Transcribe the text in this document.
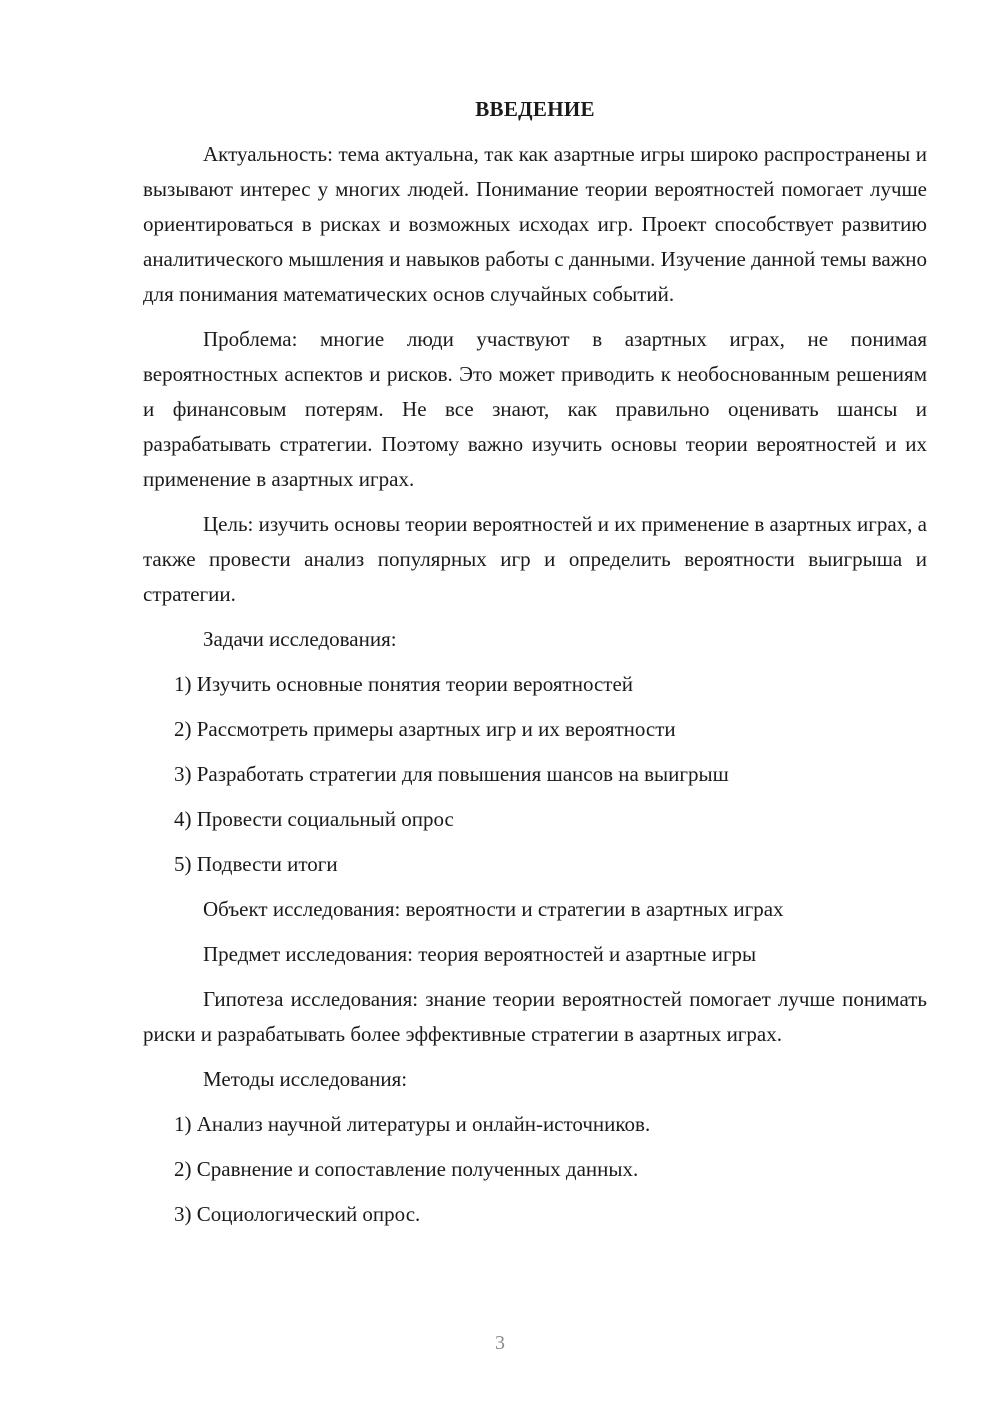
ВВЕДЕНИЕ
Актуальность: тема актуальна, так как азартные игры широко распространены и вызывают интерес у многих людей. Понимание теории вероятностей помогает лучше ориентироваться в рисках и возможных исходах игр. Проект способствует развитию аналитического мышления и навыков работы с данными. Изучение данной темы важно для понимания математических основ случайных событий.
Проблема: многие люди участвуют в азартных играх, не понимая вероятностных аспектов и рисков. Это может приводить к необоснованным решениям и финансовым потерям. Не все знают, как правильно оценивать шансы и разрабатывать стратегии. Поэтому важно изучить основы теории вероятностей и их применение в азартных играх.
Цель: изучить основы теории вероятностей и их применение в азартных играх, а также провести анализ популярных игр и определить вероятности выигрыша и стратегии.
Задачи исследования:
1) Изучить основные понятия теории вероятностей
2) Рассмотреть примеры азартных игр и их вероятности
3) Разработать стратегии для повышения шансов на выигрыш
4) Провести социальный опрос
5) Подвести итоги
Объект исследования: вероятности и стратегии в азартных играх
Предмет исследования: теория вероятностей и азартные игры
Гипотеза исследования: знание теории вероятностей помогает лучше понимать риски и разрабатывать более эффективные стратегии в азартных играх.
Методы исследования:
1) Анализ научной литературы и онлайн-источников.
2) Сравнение и сопоставление полученных данных.
3) Социологический опрос.
3
